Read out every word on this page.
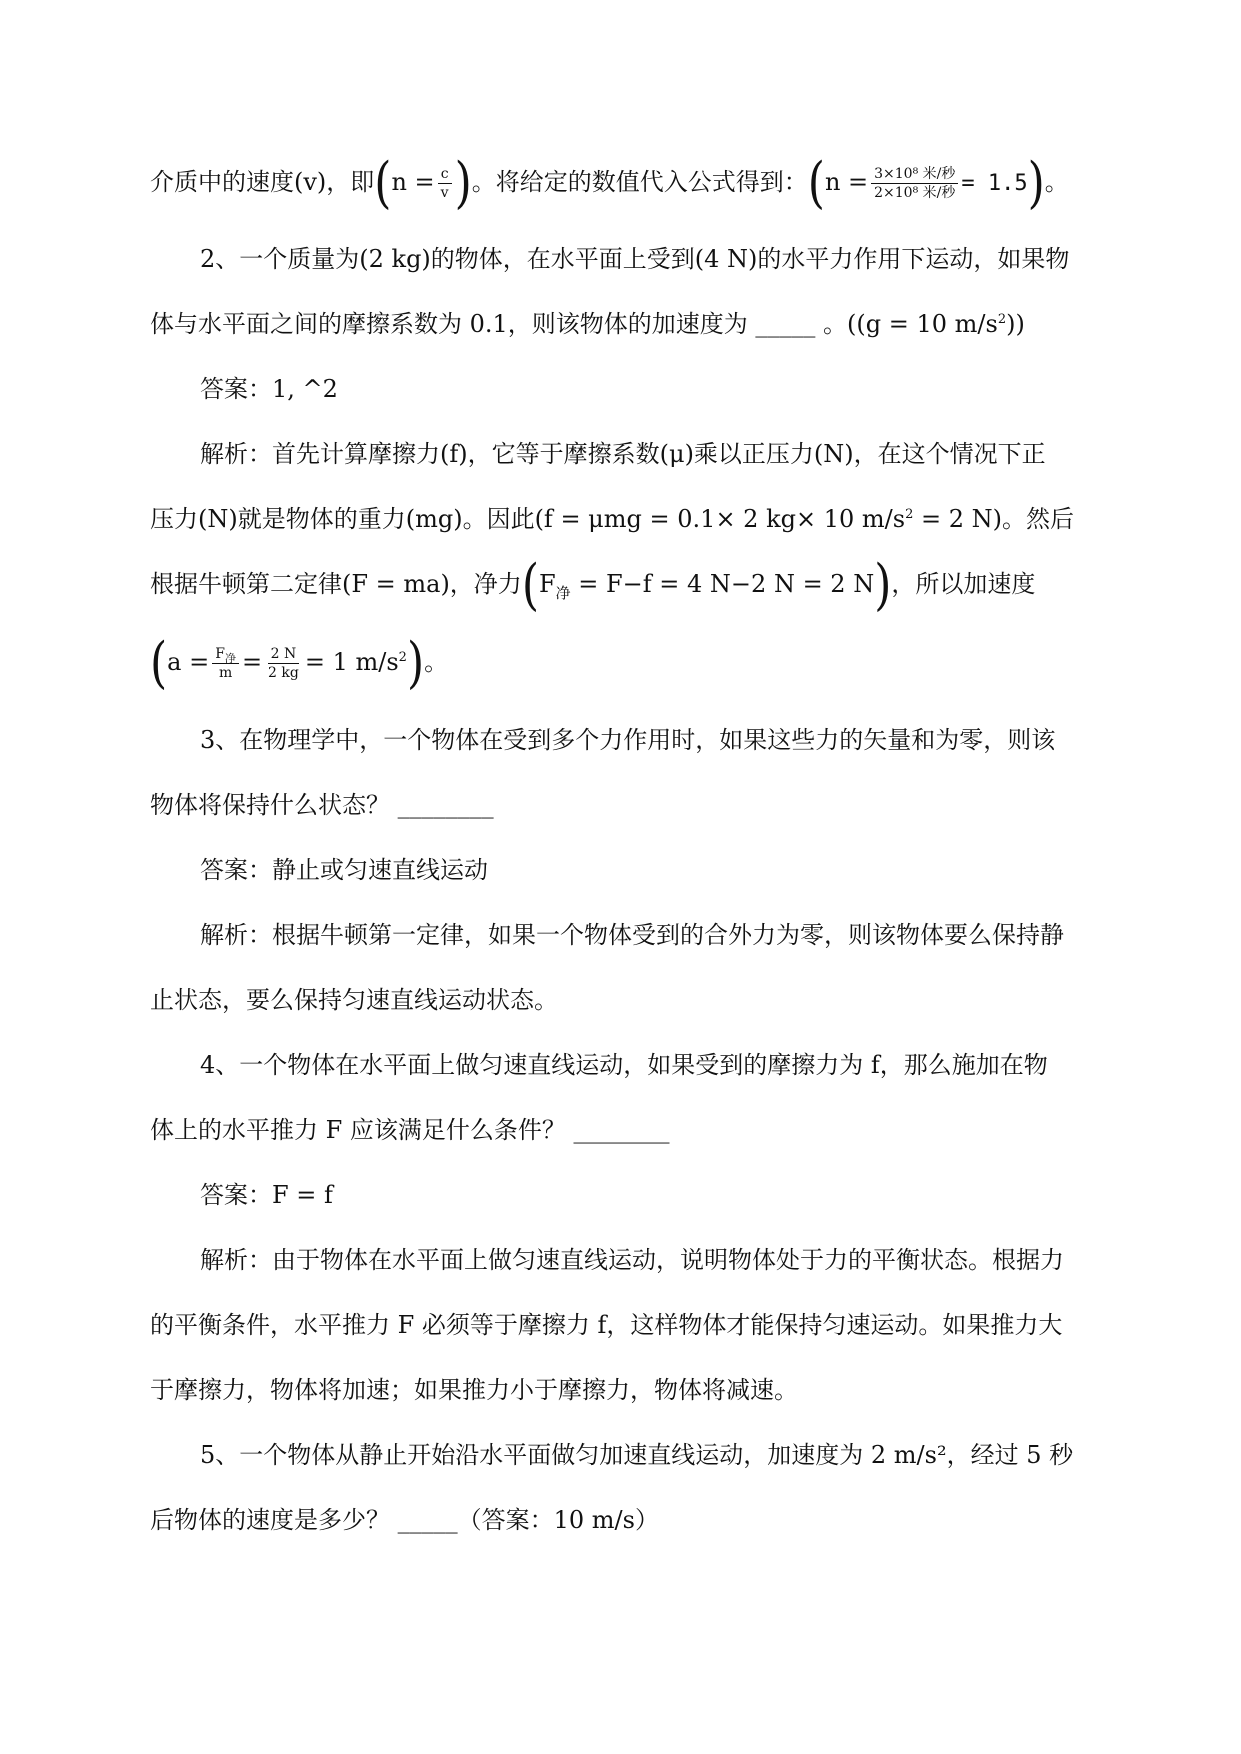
介质中的速度(v)，即($n = \frac{c}{v}$ )。将给定的数值代入公式得到：$(n = \frac{\text{3×10⁸ 米/秒}}{\text{2×10⁸ 米/秒}} = 1.5)$。
2、一个质量为(2 kg)的物体，在水平面上受到(4 N)的水平力作用下运动，如果物
体与水平面之间的摩擦系数为 0.1，则该物体的加速度为 _____ 。((g = 10 $m/s^2$))
答案：1, ^2
解析：首先计算摩擦力(f)，它等于摩擦系数(μ)乘以正压力(N)，在这个情况下正
压力(N)就是物体的重力(mg)。因此(f = μmg = 0.1× 2 kg× 10 $m/s^2 = 2$ N)。然后
根据牛顿第二定律(F = ma)，净力($F_净 = F-f = 4$ N−2 N = 2 N)，所以加速度
($a = \frac{F_净}{m} = \frac{2 N}{2 kg} = 1$ $m/s^2$)。
3、在物理学中，一个物体在受到多个力作用时，如果这些力的矢量和为零，则该
物体将保持什么状态？ ________
答案：静止或匀速直线运动
解析：根据牛顿第一定律，如果一个物体受到的合外力为零，则该物体要么保持静
止状态，要么保持匀速直线运动状态。
4、一个物体在水平面上做匀速直线运动，如果受到的摩擦力为 f，那么施加在物
体上的水平推力 F 应该满足什么条件？ ________
答案：F = f
解析：由于物体在水平面上做匀速直线运动，说明物体处于力的平衡状态。根据力
的平衡条件，水平推力 F 必须等于摩擦力 f，这样物体才能保持匀速运动。如果推力大
于摩擦力，物体将加速；如果推力小于摩擦力，物体将减速。
5、一个物体从静止开始沿水平面做匀加速直线运动，加速度为 2 m/s²，经过 5 秒
后物体的速度是多少？ _____（答案：10 m/s）
